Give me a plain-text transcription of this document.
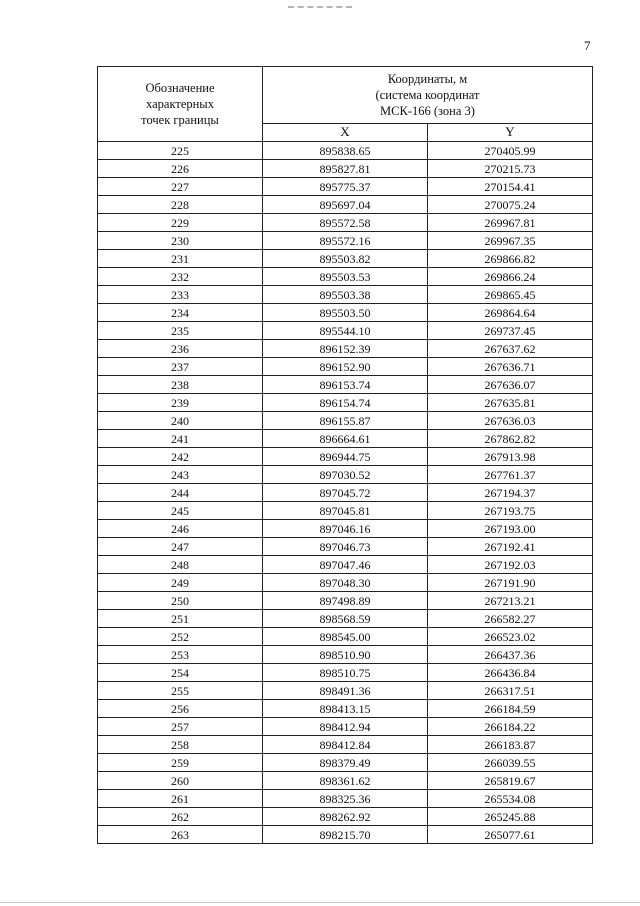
7
Обозначение
характерных
точек границы	Координаты, м
(система координат
МСК-166 (зона 3)	
	X	Y
225	895838.65	270405.99
226	895827.81	270215.73
227	895775.37	270154.41
228	895697.04	270075.24
229	895572.58	269967.81
230	895572.16	269967.35
231	895503.82	269866.82
232	895503.53	269866.24
233	895503.38	269865.45
234	895503.50	269864.64
235	895544.10	269737.45
236	896152.39	267637.62
237	896152.90	267636.71
238	896153.74	267636.07
239	896154.74	267635.81
240	896155.87	267636.03
241	896664.61	267862.82
242	896944.75	267913.98
243	897030.52	267761.37
244	897045.72	267194.37
245	897045.81	267193.75
246	897046.16	267193.00
247	897046.73	267192.41
248	897047.46	267192.03
249	897048.30	267191.90
250	897498.89	267213.21
251	898568.59	266582.27
252	898545.00	266523.02
253	898510.90	266437.36
254	898510.75	266436.84
255	898491.36	266317.51
256	898413.15	266184.59
257	898412.94	266184.22
258	898412.84	266183.87
259	898379.49	266039.55
260	898361.62	265819.67
261	898325.36	265534.08
262	898262.92	265245.88
263	898215.70	265077.61
